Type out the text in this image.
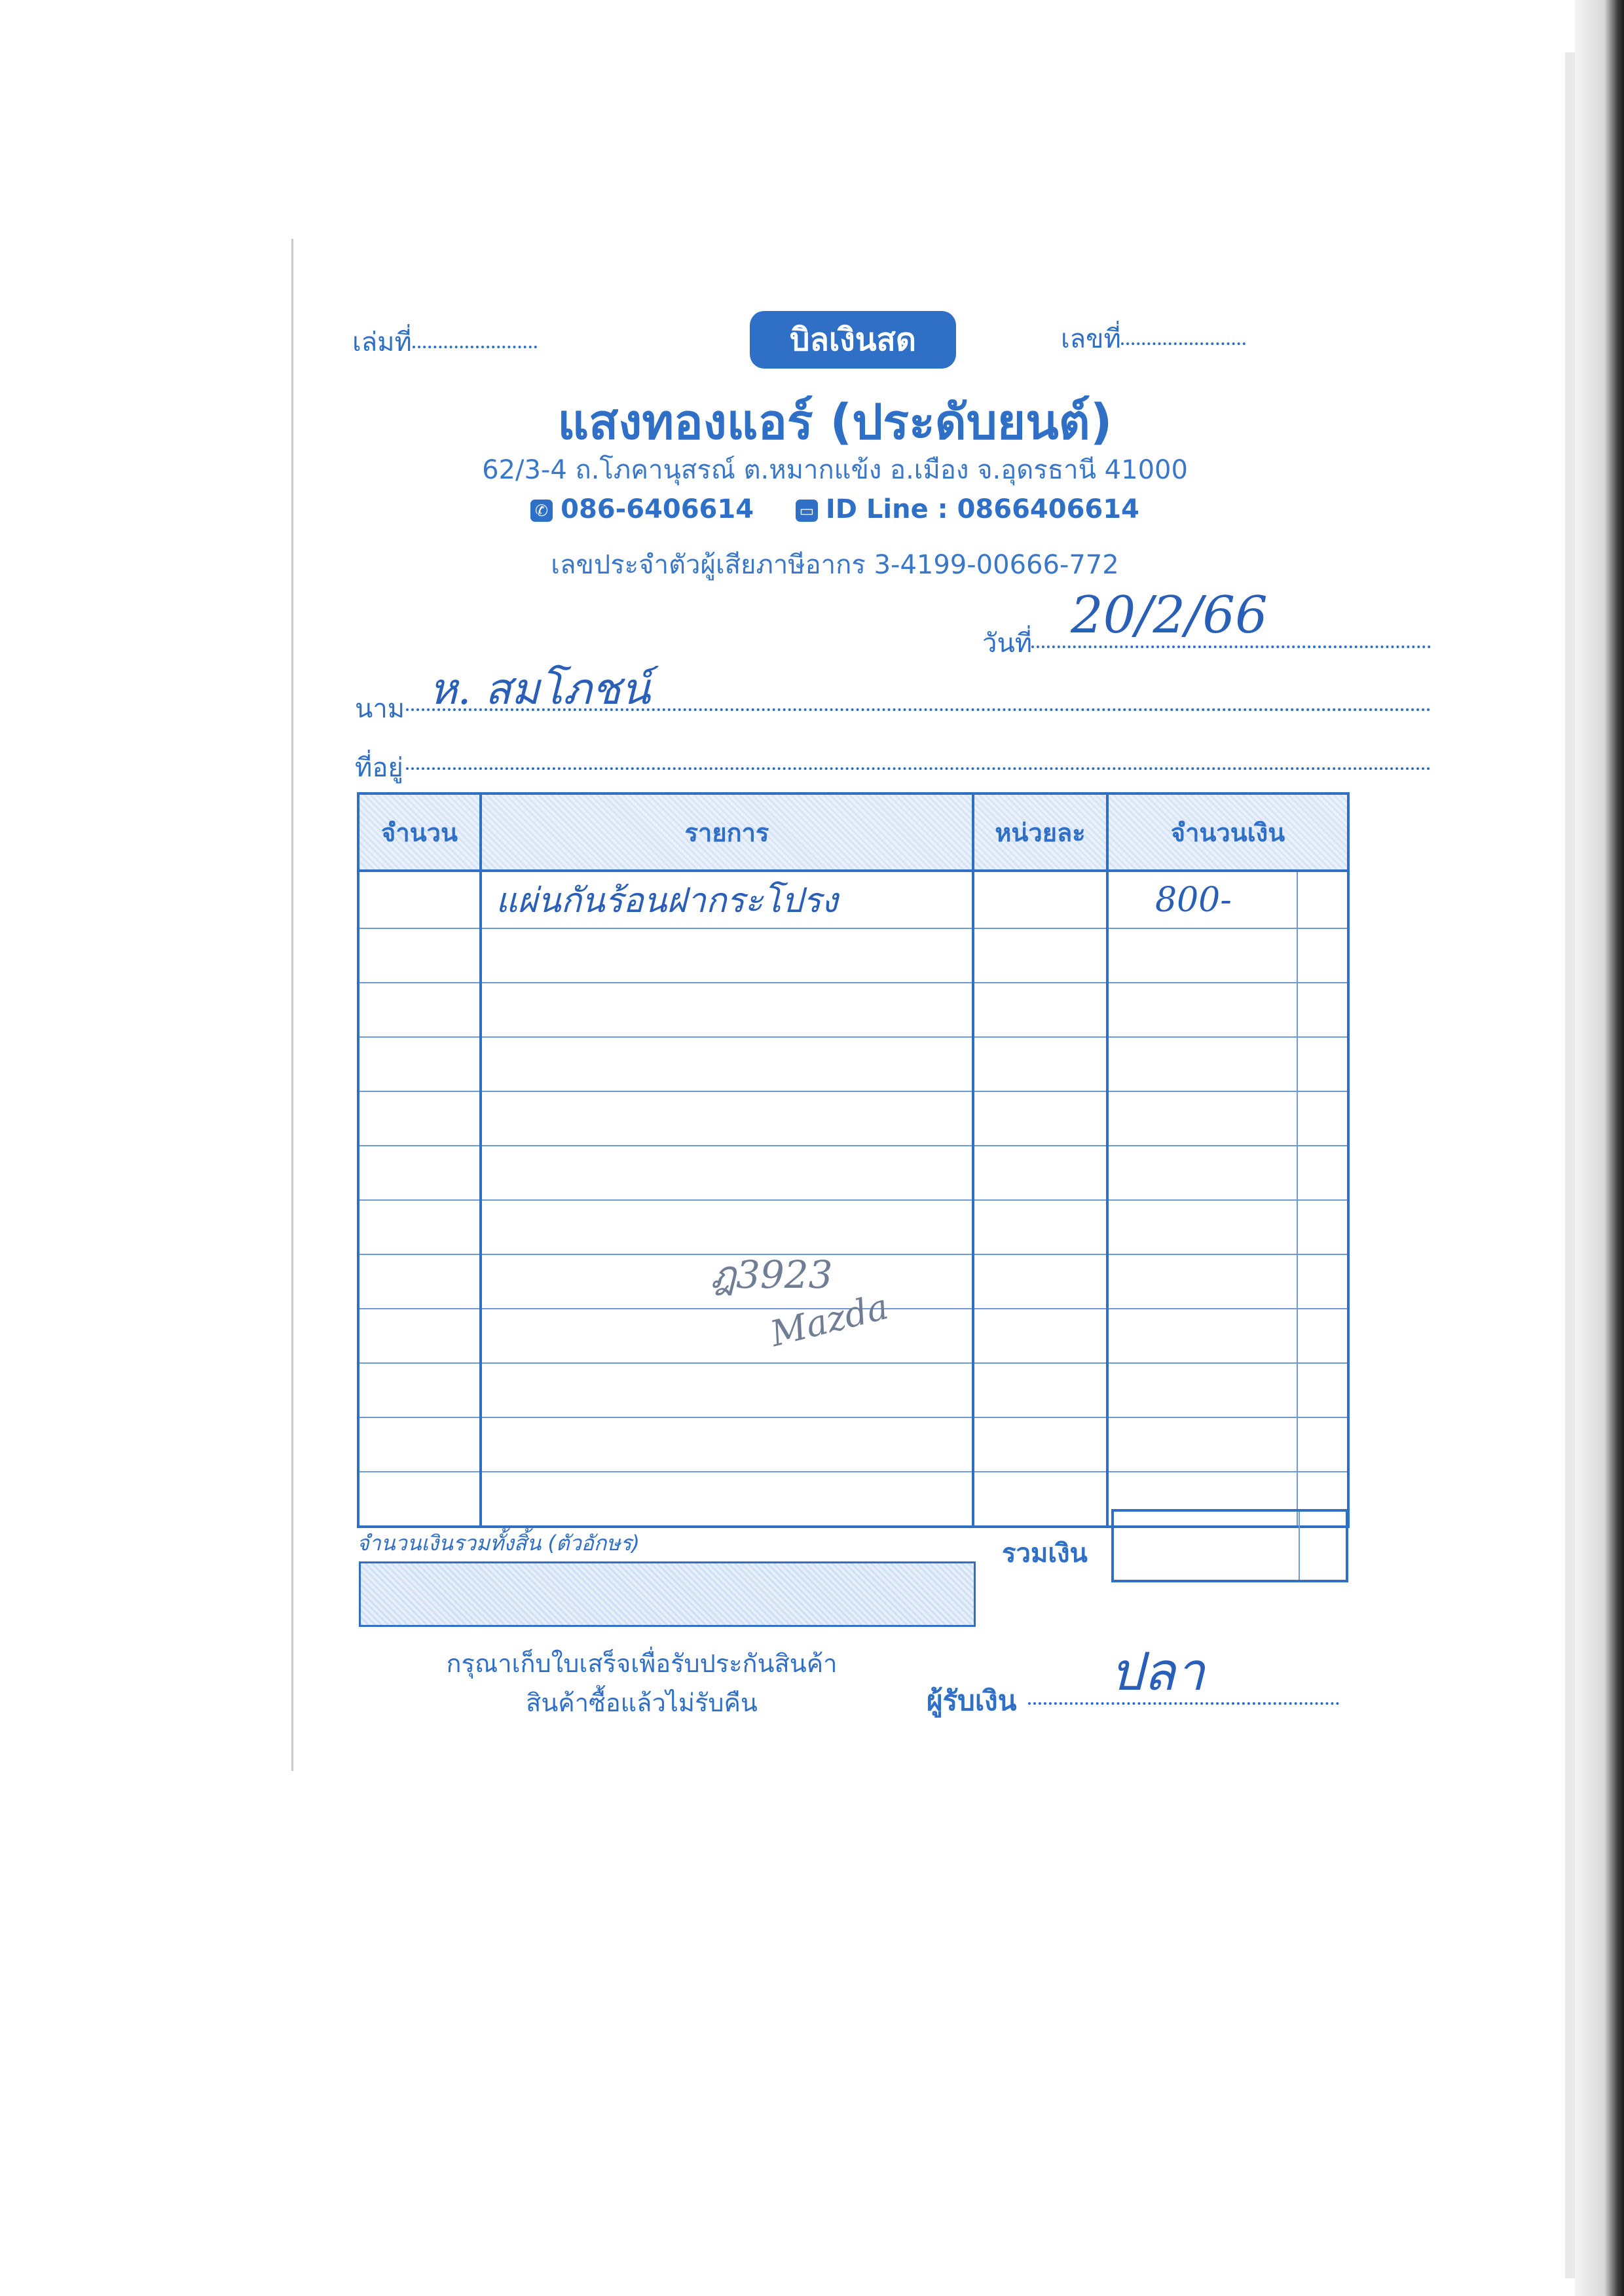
เล่มที่	บิลเงินสด	เลขที่
แสงทองแอร์ (ประดับยนต์)
62/3-4 ถ.โภคานุสรณ์ ต.หมากแข้ง อ.เมือง จ.อุดรธานี 41000
✆ 086-6406614	▭ ID Line : 0866406614
เลขประจำตัวผู้เสียภาษีอากร 3-4199-00666-772
วันที่ 20/2/66
นาม ห. สมโภชน์
ที่อยู่
จำนวน	รายการ	หน่วยละ	จำนวนเงิน	
	แผ่นกันร้อนฝากระโปรง		800-	

ฎ3923
Mazda
จำนวนเงินรวมทั้งสิ้น (ตัวอักษร)	รวมเงิน
กรุณาเก็บใบเสร็จเพื่อรับประกันสินค้า
สินค้าซื้อแล้วไม่รับคืน	ผู้รับเงิน ปลา
